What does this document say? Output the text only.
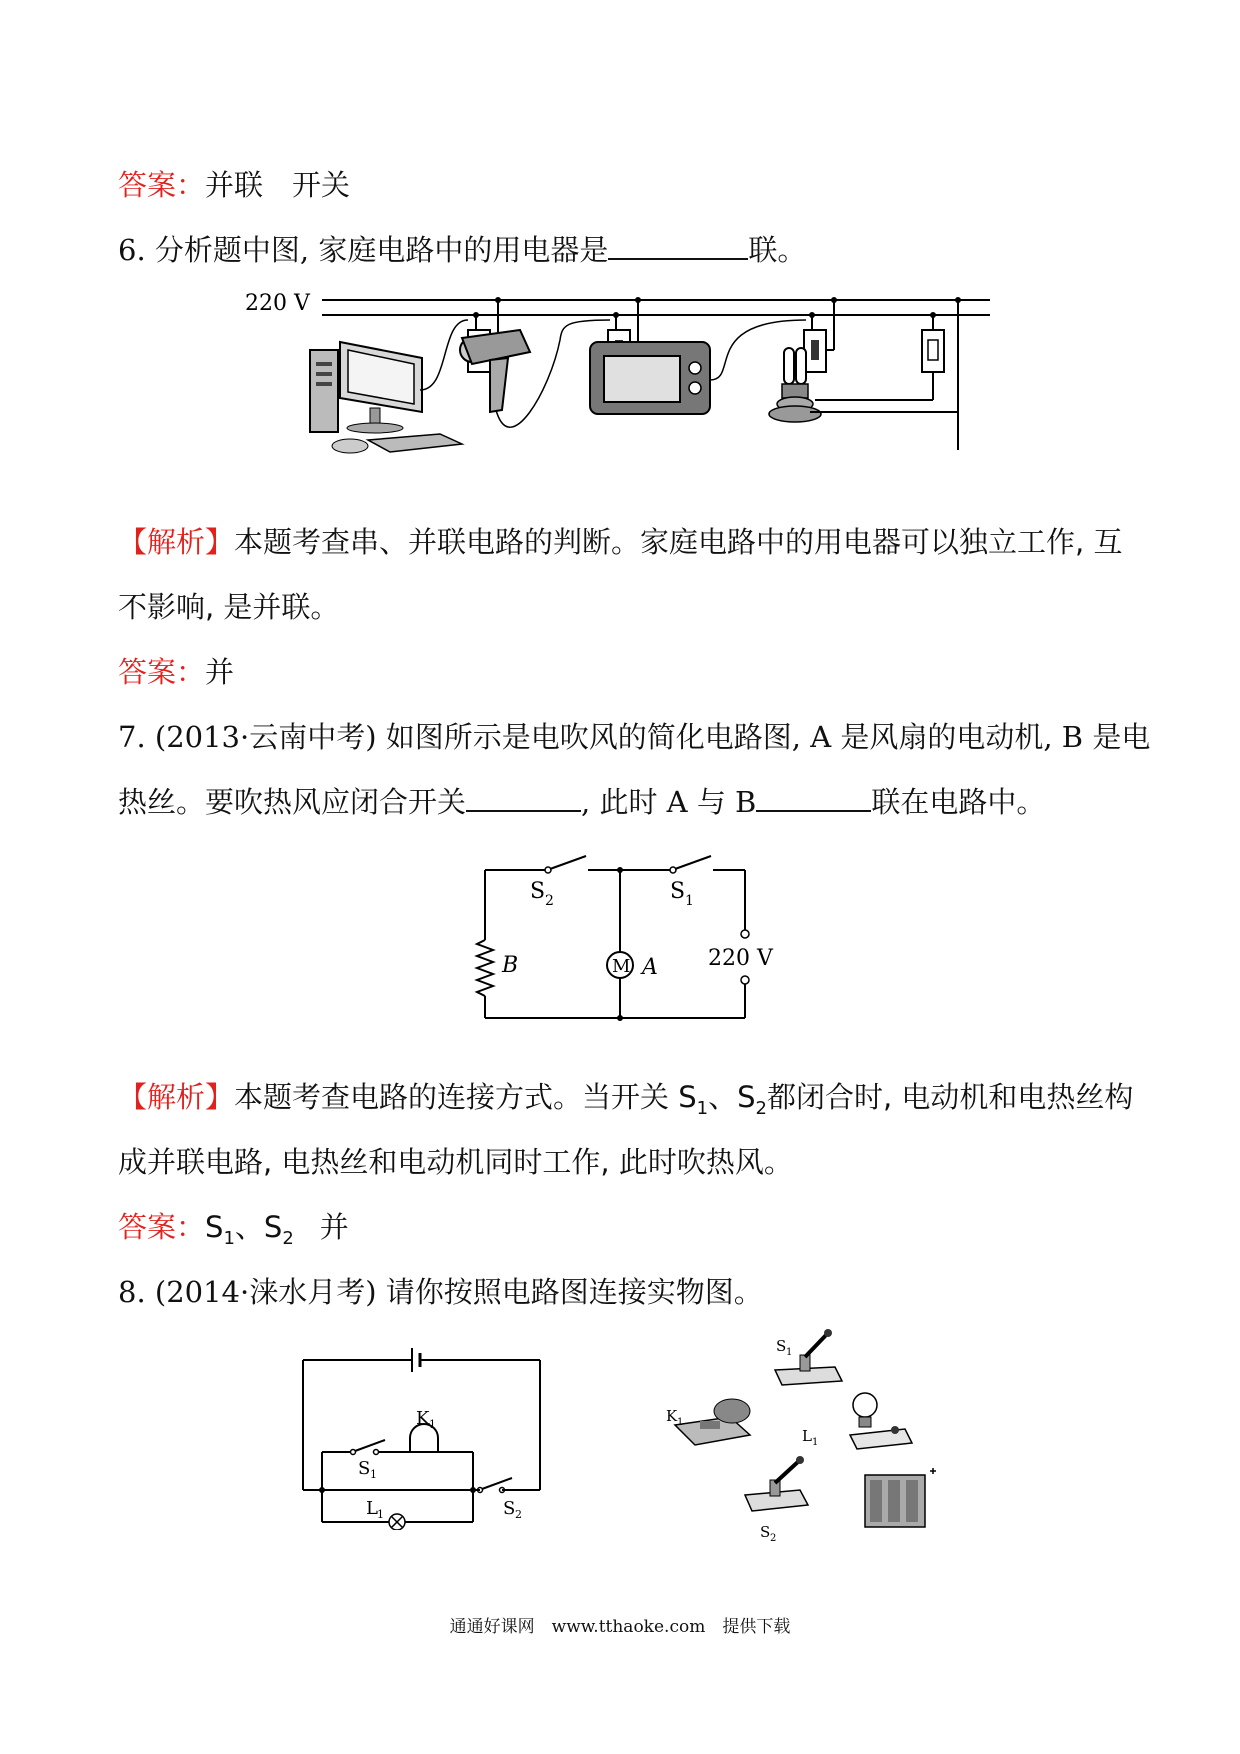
答案：并联　开关
6. 分析题中图, 家庭电路中的用电器是	联。
220 V
【解析】本题考查串、并联电路的判断。家庭电路中的用电器可以独立工作, 互
不影响, 是并联。
答案：并
7. (2013·云南中考) 如图所示是电吹风的简化电路图, A 是风扇的电动机, B 是电
热丝。要吹热风应闭合开关	, 此时 A 与 B	联在电路中。
S 2	S 1
B	M A 220 V
【解析】本题考查电路的连接方式。当开关 $S_1$、$S_2$都闭合时, 电动机和电热丝构
成并联电路, 电热丝和电动机同时工作, 此时吹热风。
答案：$S_1$、$S_2$ 并
8. (2014·涞水月考) 请你按照电路图连接实物图。
K 1
S 1
S 2
L 1
S 1
K 1
L 1
S 2
通通好课网　www.tthaoke.com　提供下载
